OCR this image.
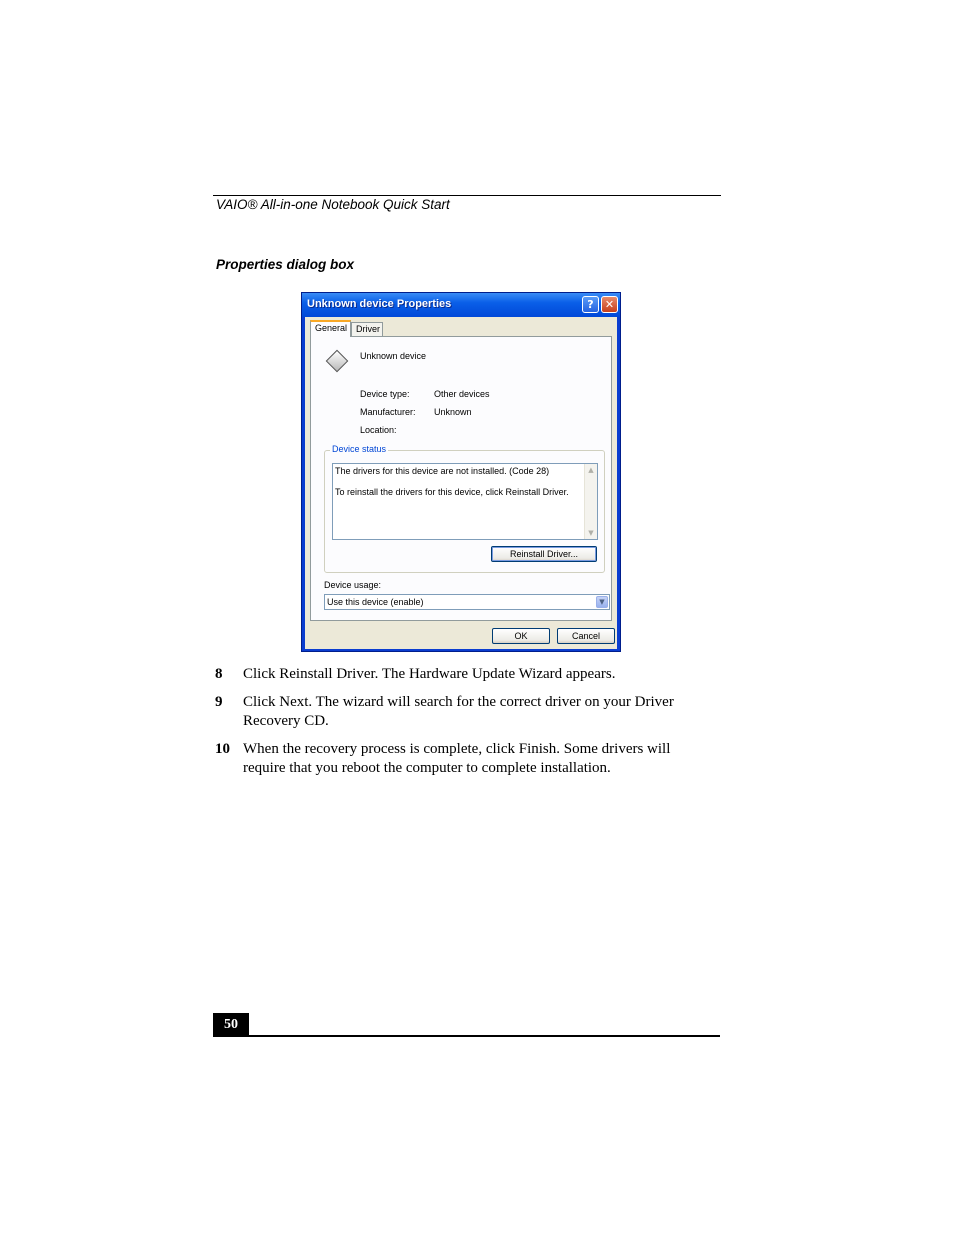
VAIO® All-in-one Notebook Quick Start
Properties dialog box
Unknown device Properties	?	✕
General Driver
Unknown device
Device type:	Other devices
Manufacturer: Unknown
Location:
Device status
The drivers for this device are not installed. (Code 28)
To reinstall the drivers for this device, click Reinstall Driver.
▲
▼
Reinstall Driver...
Device usage:
Use this device (enable)	▼
OK	Cancel
8 Click Reinstall Driver. The Hardware Update Wizard appears.
9 Click Next. The wizard will search for the correct driver on your Driver Recovery CD.
10 When the recovery process is complete, click Finish. Some drivers will require that you reboot the computer to complete installation.
50
